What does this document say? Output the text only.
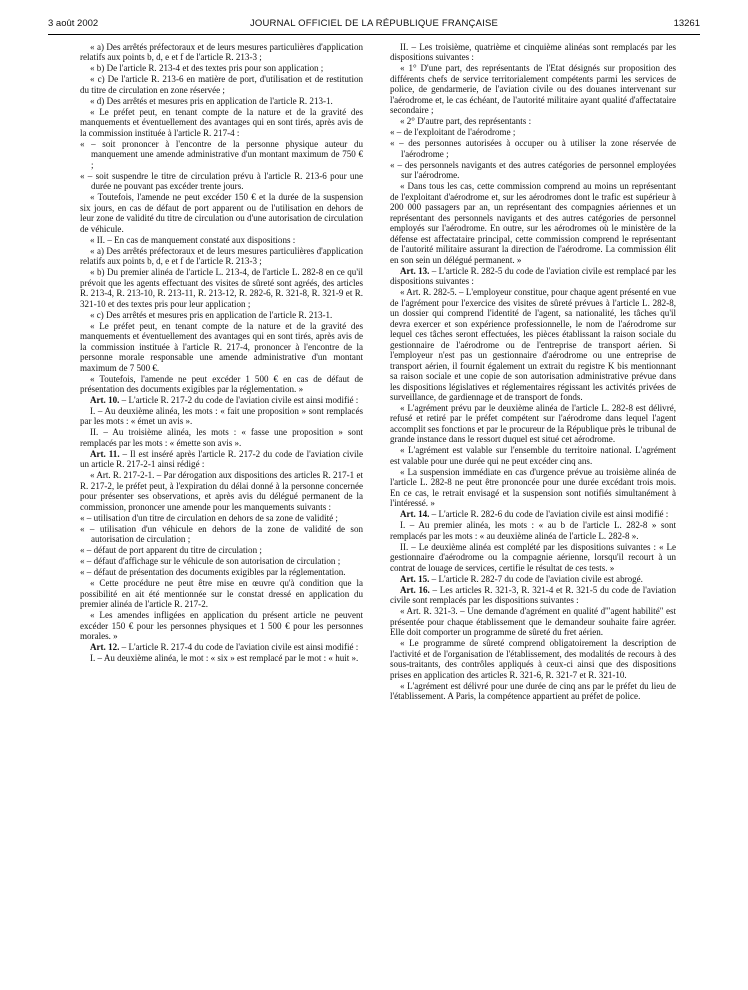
3 août 2002	JOURNAL OFFICIEL DE LA RÉPUBLIQUE FRANÇAISE	13261

« a) Des arrêtés préfectoraux et de leurs mesures particulières d'application relatifs aux points b, d, e et f de l'article R. 213-3 ;

« b) De l'article R. 213-4 et des textes pris pour son application ;

« c) De l'article R. 213-6 en matière de port, d'utilisation et de restitution du titre de circulation en zone réservée ;

« d) Des arrêtés et mesures pris en application de l'article R. 213-1.

« Le préfet peut, en tenant compte de la nature et de la gravité des manquements et éventuellement des avantages qui en sont tirés, après avis de la commission instituée à l'article R. 217-4 :

« – soit prononcer à l'encontre de la personne physique auteur du manquement une amende administrative d'un montant maximum de 750 € ;

« – soit suspendre le titre de circulation prévu à l'article R. 213-6 pour une durée ne pouvant pas excéder trente jours.

« Toutefois, l'amende ne peut excéder 150 € et la durée de la suspension six jours, en cas de défaut de port apparent ou de l'utilisation en dehors de leur zone de validité du titre de circulation ou d'une autorisation de circulation de véhicule.

« II. – En cas de manquement constaté aux dispositions :

« a) Des arrêtés préfectoraux et de leurs mesures particulières d'application relatifs aux points b, d, e et f de l'article R. 213-3 ;

« b) Du premier alinéa de l'article L. 213-4, de l'article L. 282-8 en ce qu'il prévoit que les agents effectuant des visites de sûreté sont agréés, des articles R. 213-4, R. 213-10, R. 213-11, R. 213-12, R. 282-6, R. 321-8, R. 321-9 et R. 321-10 et des textes pris pour leur application ;

« c) Des arrêtés et mesures pris en application de l'article R. 213-1.

« Le préfet peut, en tenant compte de la nature et de la gravité des manquements et éventuellement des avantages qui en sont tirés, après avis de la commission instituée à l'article R. 217-4, prononcer à l'encontre de la personne morale responsable une amende administrative d'un montant maximum de 7 500 €.

« Toutefois, l'amende ne peut excéder 1 500 € en cas de défaut de présentation des documents exigibles par la réglementation. »

Art. 10. – L'article R. 217-2 du code de l'aviation civile est ainsi modifié :

I. – Au deuxième alinéa, les mots : « fait une proposition » sont remplacés par les mots : « émet un avis ».

II. – Au troisième alinéa, les mots : « fasse une proposition » sont remplacés par les mots : « émette son avis ».

Art. 11. – Il est inséré après l'article R. 217-2 du code de l'aviation civile un article R. 217-2-1 ainsi rédigé :

« Art. R. 217-2-1. – Par dérogation aux dispositions des articles R. 217-1 et R. 217-2, le préfet peut, à l'expiration du délai donné à la personne concernée pour présenter ses observations, et après avis du délégué permanent de la commission, prononcer une amende pour les manquements suivants :

« – utilisation d'un titre de circulation en dehors de sa zone de validité ;

« – utilisation d'un véhicule en dehors de la zone de validité de son autorisation de circulation ;

« – défaut de port apparent du titre de circulation ;

« – défaut d'affichage sur le véhicule de son autorisation de circulation ;

« – défaut de présentation des documents exigibles par la réglementation.

« Cette procédure ne peut être mise en œuvre qu'à condition que la possibilité en ait été mentionnée sur le constat dressé en application du premier alinéa de l'article R. 217-2.

« Les amendes infligées en application du présent article ne peuvent excéder 150 € pour les personnes physiques et 1 500 € pour les personnes morales. »

Art. 12. – L'article R. 217-4 du code de l'aviation civile est ainsi modifié :

I. – Au deuxième alinéa, le mot : « six » est remplacé par le mot : « huit ».

II. – Les troisième, quatrième et cinquième alinéas sont remplacés par les dispositions suivantes :

« 1° D'une part, des représentants de l'Etat désignés sur proposition des différents chefs de service territorialement compétents parmi les services de police, de gendarmerie, de l'aviation civile ou des douanes intervenant sur l'aérodrome et, le cas échéant, de l'autorité militaire ayant qualité d'affectataire secondaire ;

« 2° D'autre part, des représentants :

« – de l'exploitant de l'aérodrome ;

« – des personnes autorisées à occuper ou à utiliser la zone réservée de l'aérodrome ;

« – des personnels navigants et des autres catégories de personnel employées sur l'aérodrome.

« Dans tous les cas, cette commission comprend au moins un représentant de l'exploitant d'aérodrome et, sur les aérodromes dont le trafic est supérieur à 200 000 passagers par an, un représentant des compagnies aériennes et un représentant des personnels navigants et des autres catégories de personnel employés sur l'aérodrome. En outre, sur les aérodromes où le ministère de la défense est affectataire principal, cette commission comprend le représentant de l'autorité militaire assurant la direction de l'aérodrome. La commission élit en son sein un délégué permanent. »

Art. 13. – L'article R. 282-5 du code de l'aviation civile est remplacé par les dispositions suivantes :

« Art. R. 282-5. – L'employeur constitue, pour chaque agent présenté en vue de l'agrément pour l'exercice des visites de sûreté prévues à l'article L. 282-8, un dossier qui comprend l'identité de l'agent, sa nationalité, les tâches qu'il devra exercer et son expérience professionnelle, le nom de l'aérodrome sur lequel ces tâches seront effectuées, les pièces établissant la raison sociale du gestionnaire de l'aérodrome ou de l'entreprise de transport aérien. Si l'employeur n'est pas un gestionnaire d'aérodrome ou une entreprise de transport aérien, il fournit également un extrait du registre K bis mentionnant sa raison sociale et une copie de son autorisation administrative prévue dans les dispositions législatives et réglementaires régissant les activités privées de surveillance, de gardiennage et de transport de fonds.

« L'agrément prévu par le deuxième alinéa de l'article L. 282-8 est délivré, refusé et retiré par le préfet compétent sur l'aérodrome dans lequel l'agent accomplit ses fonctions et par le procureur de la République près le tribunal de grande instance dans le ressort duquel est situé cet aérodrome.

« L'agrément est valable sur l'ensemble du territoire national. L'agrément est valable pour une durée qui ne peut excéder cinq ans.

« La suspension immédiate en cas d'urgence prévue au troisième alinéa de l'article L. 282-8 ne peut être prononcée pour une durée excédant trois mois. En ce cas, le retrait envisagé et la suspension sont notifiés simultanément à l'intéressé. »

Art. 14. – L'article R. 282-6 du code de l'aviation civile est ainsi modifié :

I. – Au premier alinéa, les mots : « au b de l'article L. 282-8 » sont remplacés par les mots : « au deuxième alinéa de l'article L. 282-8 ».

II. – Le deuxième alinéa est complété par les dispositions suivantes : « Le gestionnaire d'aérodrome ou la compagnie aérienne, lorsqu'il recourt à un contrat de louage de services, certifie le résultat de ces tests. »

Art. 15. – L'article R. 282-7 du code de l'aviation civile est abrogé.

Art. 16. – Les articles R. 321-3, R. 321-4 et R. 321-5 du code de l'aviation civile sont remplacés par les dispositions suivantes :

« Art. R. 321-3. – Une demande d'agrément en qualité d'"agent habilité" est présentée pour chaque établissement que le demandeur souhaite faire agréer. Elle doit comporter un programme de sûreté du fret aérien.

« Le programme de sûreté comprend obligatoirement la description de l'activité et de l'organisation de l'établissement, des modalités de recours à des sous-traitants, des contrôles appliqués à ceux-ci ainsi que des dispositions prises en application des articles R. 321-6, R. 321-7 et R. 321-10.

« L'agrément est délivré pour une durée de cinq ans par le préfet du lieu de l'établissement. A Paris, la compétence appartient au préfet de police.
